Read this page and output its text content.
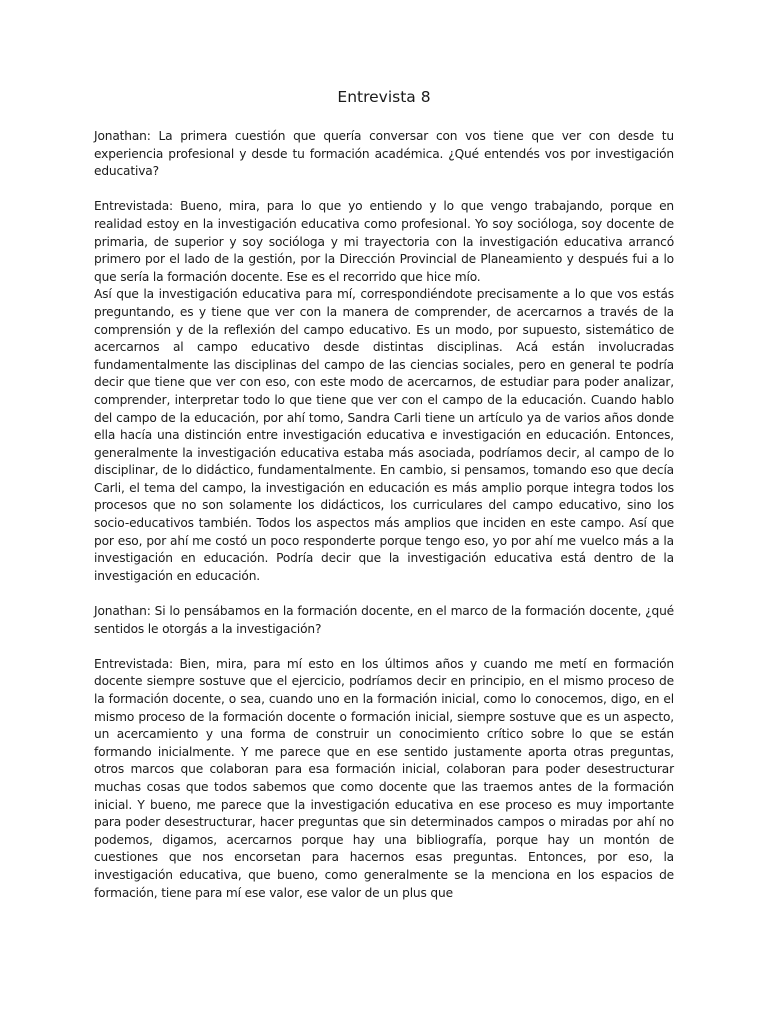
Entrevista 8

Jonathan: La primera cuestión que quería conversar con vos tiene que ver con desde tu experiencia profesional y desde tu formación académica. ¿Qué entendés vos por investigación educativa?

Entrevistada: Bueno, mira, para lo que yo entiendo y lo que vengo trabajando, porque en realidad estoy en la investigación educativa como profesional. Yo soy socióloga, soy docente de primaria, de superior y soy socióloga y mi trayectoria con la investigación educativa arrancó primero por el lado de la gestión, por la Dirección Provincial de Planeamiento y después fui a lo que sería la formación docente. Ese es el recorrido que hice mío.

Así que la investigación educativa para mí, correspondiéndote precisamente a lo que vos estás preguntando, es y tiene que ver con la manera de comprender, de acercarnos a través de la comprensión y de la reflexión del campo educativo. Es un modo, por supuesto, sistemático de acercarnos al campo educativo desde distintas disciplinas. Acá están involucradas fundamentalmente las disciplinas del campo de las ciencias sociales, pero en general te podría decir que tiene que ver con eso, con este modo de acercarnos, de estudiar para poder analizar, comprender, interpretar todo lo que tiene que ver con el campo de la educación. Cuando hablo del campo de la educación, por ahí tomo, Sandra Carli tiene un artículo ya de varios años donde ella hacía una distinción entre investigación educativa e investigación en educación. Entonces, generalmente la investigación educativa estaba más asociada, podríamos decir, al campo de lo disciplinar, de lo didáctico, fundamentalmente. En cambio, si pensamos, tomando eso que decía Carli, el tema del campo, la investigación en educación es más amplio porque integra todos los procesos que no son solamente los didácticos, los curriculares del campo educativo, sino los socio-educativos también. Todos los aspectos más amplios que inciden en este campo. Así que por eso, por ahí me costó un poco responderte porque tengo eso, yo por ahí me vuelco más a la investigación en educación. Podría decir que la investigación educativa está dentro de la investigación en educación.

Jonathan: Si lo pensábamos en la formación docente, en el marco de la formación docente, ¿qué sentidos le otorgás a la investigación?

Entrevistada: Bien, mira, para mí esto en los últimos años y cuando me metí en formación docente siempre sostuve que el ejercicio, podríamos decir en principio, en el mismo proceso de la formación docente, o sea, cuando uno en la formación inicial, como lo conocemos, digo, en el mismo proceso de la formación docente o formación inicial, siempre sostuve que es un aspecto, un acercamiento y una forma de construir un conocimiento crítico sobre lo que se están formando inicialmente. Y me parece que en ese sentido justamente aporta otras preguntas, otros marcos que colaboran para esa formación inicial, colaboran para poder desestructurar muchas cosas que todos sabemos que como docente que las traemos antes de la formación inicial. Y bueno, me parece que la investigación educativa en ese proceso es muy importante para poder desestructurar, hacer preguntas que sin determinados campos o miradas por ahí no podemos, digamos, acercarnos porque hay una bibliografía, porque hay un montón de cuestiones que nos encorsetan para hacernos esas preguntas. Entonces, por eso, la investigación educativa, que bueno, como generalmente se la menciona en los espacios de formación, tiene para mí ese valor, ese valor de un plus que
